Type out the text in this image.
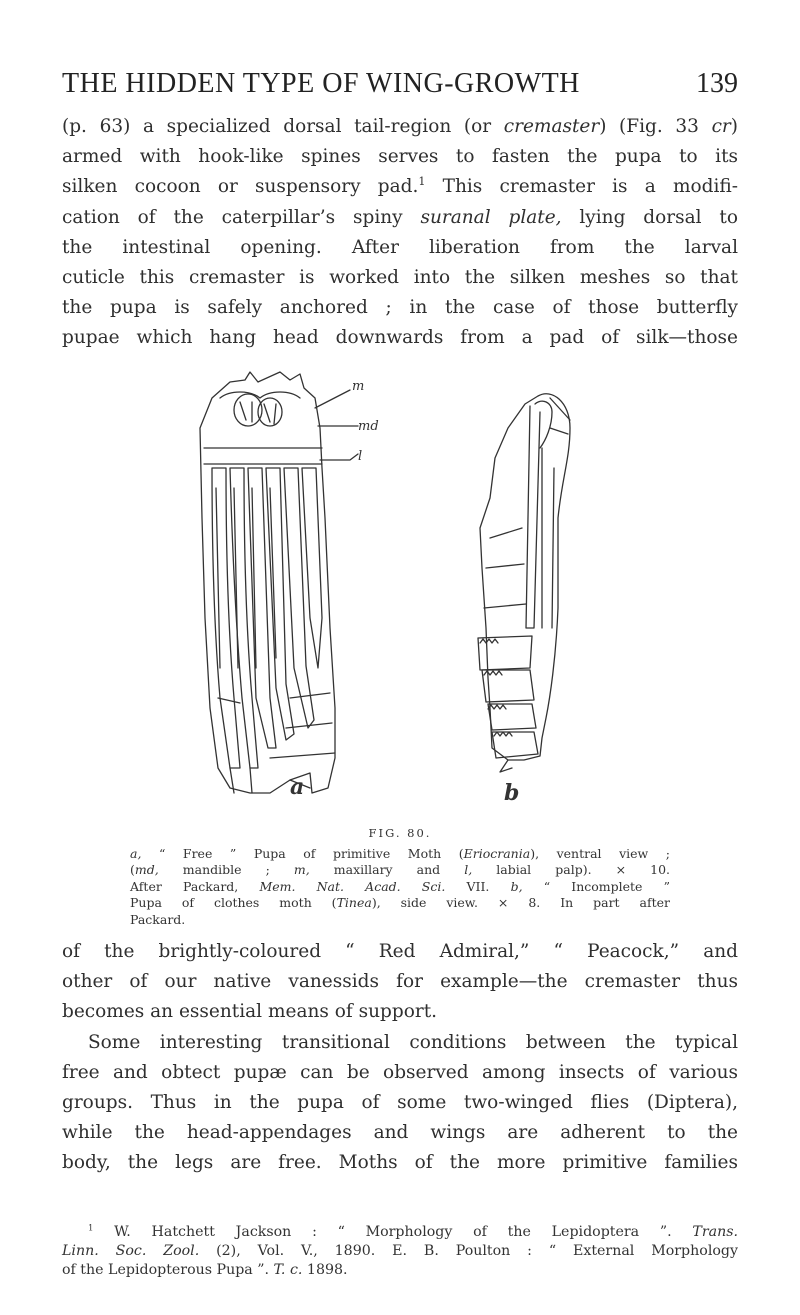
THE HIDDEN TYPE OF WING-GROWTH	139
(p. 63) a specialized dorsal tail-region (or cremaster) (Fig. 33 cr)
armed with hook-like spines serves to fasten the pupa to its
silken cocoon or suspensory pad.$^1$ This cremaster is a modifi-
cation of the caterpillar’s spiny suranal plate, lying dorsal to
the intestinal opening. After liberation from the larval
cuticle this cremaster is worked into the silken meshes so that
the pupa is safely anchored ; in the case of those butterfly
pupae which hang head downwards from a pad of silk—those
m
md
l
a	b
FIG. 80.
a, “ Free ” Pupa of primitive Moth (Eriocrania), ventral view ;
(md, mandible ; m, maxillary and l, labial palp). × 10.
After Packard, Mem. Nat. Acad. Sci. VII. b, “ Incomplete ”
Pupa of clothes moth (Tinea), side view. × 8. In part after
Packard.
of the brightly-coloured “ Red Admiral,” “ Peacock,” and
other of our native vanessids for example—the cremaster thus
becomes an essential means of support.
Some interesting transitional conditions between the typical
free and obtect pupæ can be observed among insects of various
groups. Thus in the pupa of some two-winged flies (Diptera),
while the head-appendages and wings are adherent to the
body, the legs are free. Moths of the more primitive families
$^1$ W. Hatchett Jackson : “ Morphology of the Lepidoptera ”. Trans.
Linn. Soc. Zool. (2), Vol. V., 1890. E. B. Poulton : “ External Morphology
of the Lepidopterous Pupa ”. T. c. 1898.
